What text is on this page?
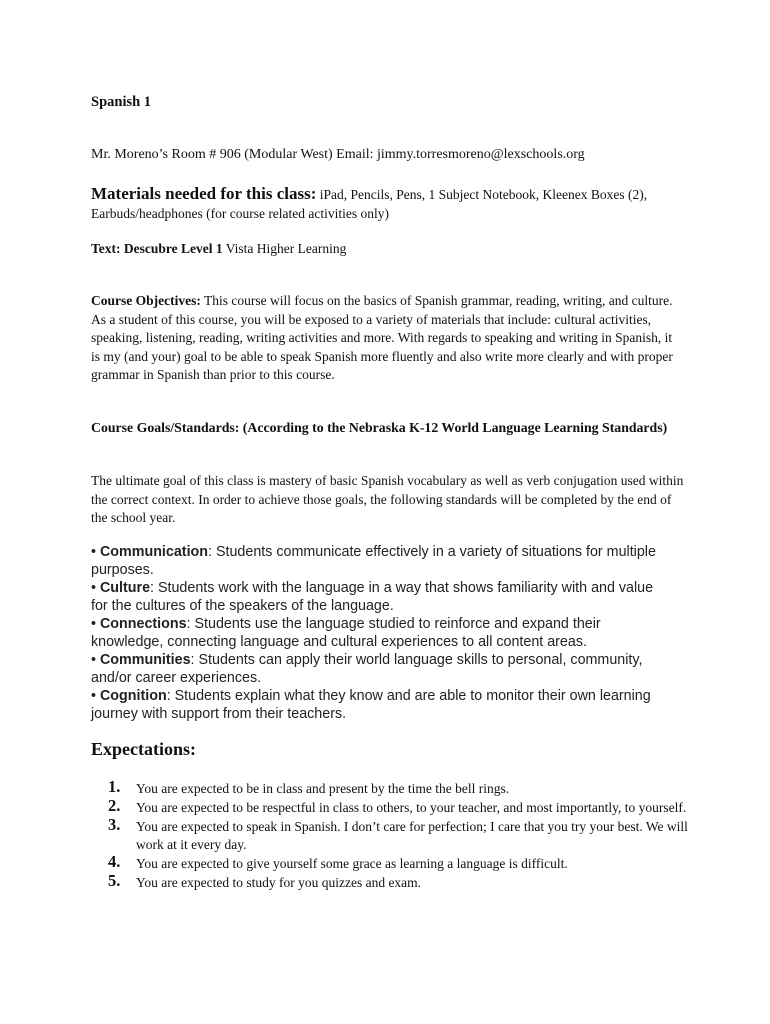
Spanish 1
Mr. Moreno’s Room # 906 (Modular West) Email: jimmy.torresmoreno@lexschools.org
Materials needed for this class: iPad, Pencils, Pens, 1 Subject Notebook, Kleenex Boxes (2), Earbuds/headphones (for course related activities only)
Text: Descubre Level 1 Vista Higher Learning
Course Objectives: This course will focus on the basics of Spanish grammar, reading, writing, and culture. As a student of this course, you will be exposed to a variety of materials that include: cultural activities, speaking, listening, reading, writing activities and more. With regards to speaking and writing in Spanish, it is my (and your) goal to be able to speak Spanish more fluently and also write more clearly and with proper grammar in Spanish than prior to this course.
Course Goals/Standards: (According to the Nebraska K-12 World Language Learning Standards)
The ultimate goal of this class is mastery of basic Spanish vocabulary as well as verb conjugation used within the correct context. In order to achieve those goals, the following standards will be completed by the end of the school year.

• Communication: Students communicate effectively in a variety of situations for multiple purposes.

• Culture: Students work with the language in a way that shows familiarity with and value for the cultures of the speakers of the language.

• Connections: Students use the language studied to reinforce and expand their knowledge, connecting language and cultural experiences to all content areas.

• Communities: Students can apply their world language skills to personal, community, and/or career experiences.

• Cognition: Students explain what they know and are able to monitor their own learning journey with support from their teachers.

Expectations:
1. You are expected to be in class and present by the time the bell rings.
2. You are expected to be respectful in class to others, to your teacher, and most importantly, to yourself.
3. You are expected to speak in Spanish. I don’t care for perfection; I care that you try your best. We will work at it every day.
4. You are expected to give yourself some grace as learning a language is difficult.
5. You are expected to study for you quizzes and exam.
